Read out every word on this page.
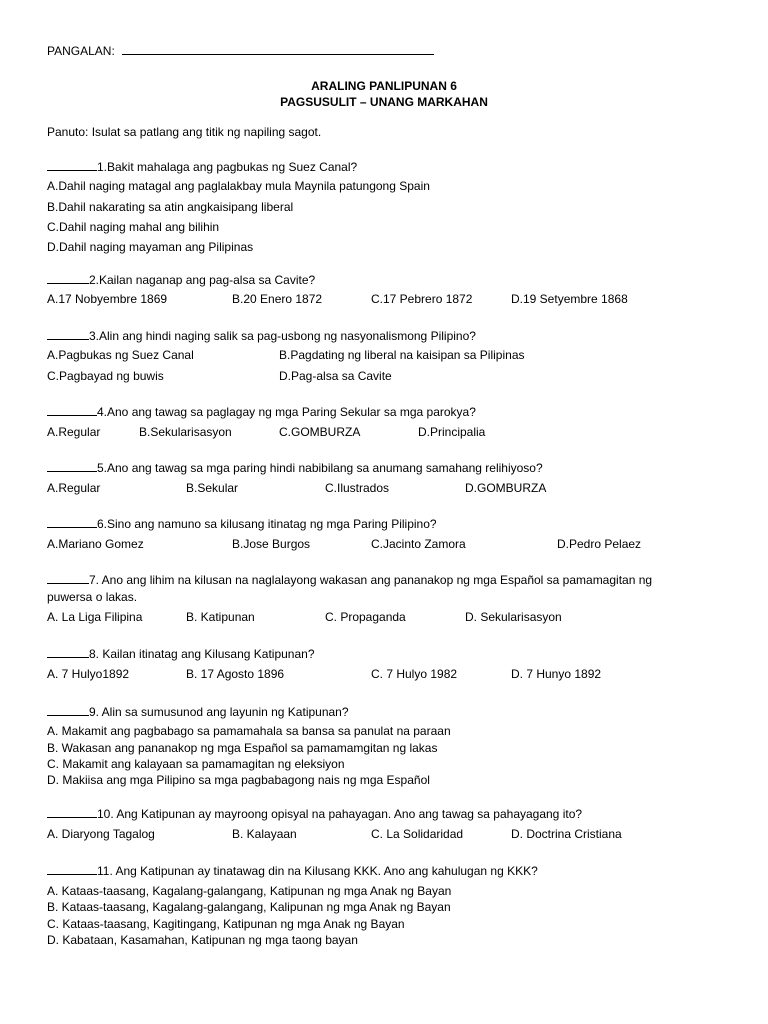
PANGALAN:
ARALING PANLIPUNAN 6
PAGSUSULIT – UNANG MARKAHAN
Panuto: Isulat sa patlang ang titik ng napiling sagot.
1.Bakit mahalaga ang pagbukas ng Suez Canal?
A.Dahil naging matagal ang paglalakbay mula Maynila patungong Spain
B.Dahil nakarating sa atin angkaisipang liberal
C.Dahil naging mahal ang bilihin
D.Dahil naging mayaman ang Pilipinas
2.Kailan naganap ang pag-alsa sa Cavite?
A.17 Nobyembre 1869	B.20 Enero 1872	C.17 Pebrero 1872	D.19 Setyembre 1868
3.Alin ang hindi naging salik sa pag-usbong ng nasyonalismong Pilipino?
A.Pagbukas ng Suez Canal	B.Pagdating ng liberal na kaisipan sa Pilipinas
C.Pagbayad ng buwis	D.Pag-alsa sa Cavite
4.Ano ang tawag sa paglagay ng mga Paring Sekular sa mga parokya?
A.Regular	B.Sekularisasyon	C.GOMBURZA	D.Principalia
5.Ano ang tawag sa mga paring hindi nabibilang sa anumang samahang relihiyoso?
A.Regular	B.Sekular	C.Ilustrados	D.GOMBURZA
6.Sino ang namuno sa kilusang itinatag ng mga Paring Pilipino?
A.Mariano Gomez	B.Jose Burgos	C.Jacinto Zamora	D.Pedro Pelaez
7. Ano ang lihim na kilusan na naglalayong wakasan ang pananakop ng mga Español sa pamamagitan ng
puwersa o lakas.
A. La Liga Filipina	B. Katipunan	C. Propaganda	D. Sekularisasyon
8. Kailan itinatag ang Kilusang Katipunan?
A. 7 Hulyo1892	B. 17 Agosto 1896	C. 7 Hulyo 1982	D. 7 Hunyo 1892
9. Alin sa sumusunod ang layunin ng Katipunan?
A. Makamit ang pagbabago sa pamamahala sa bansa sa panulat na paraan
B. Wakasan ang pananakop ng mga Español sa pamamamgitan ng lakas
C. Makamit ang kalayaan sa pamamagitan ng eleksiyon
D. Makiisa ang mga Pilipino sa mga pagbabagong nais ng mga Español
10. Ang Katipunan ay mayroong opisyal na pahayagan. Ano ang tawag sa pahayagang ito?
A. Diaryong Tagalog	B. Kalayaan	C. La Solidaridad	D. Doctrina Cristiana
11. Ang Katipunan ay tinatawag din na Kilusang KKK. Ano ang kahulugan ng KKK?
A. Kataas-taasang, Kagalang-galangang, Katipunan ng mga Anak ng Bayan
B. Kataas-taasang, Kagalang-galangang, Kalipunan ng mga Anak ng Bayan
C. Kataas-taasang, Kagitingang, Katipunan ng mga Anak ng Bayan
D. Kabataan, Kasamahan, Katipunan ng mga taong bayan
